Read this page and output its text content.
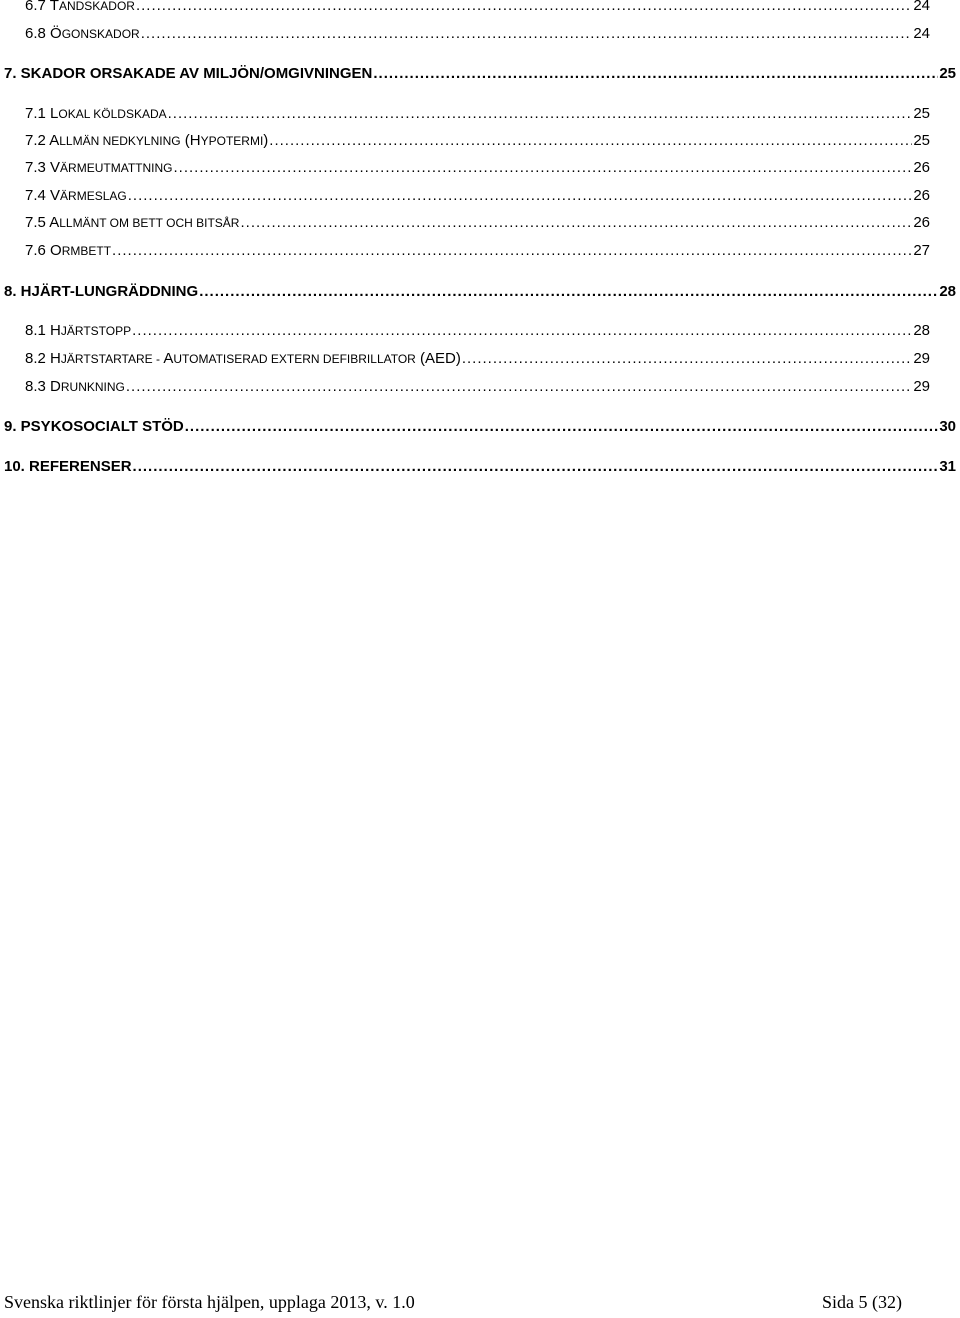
6.7 TANDSKADOR .....	24
6.8 ÖGONSKADOR .....	24
7. SKADOR ORSAKADE AV MILJÖN/OMGIVNINGEN .....	25
7.1 LOKAL KÖLDSKADA .....	25
7.2 ALLMÄN NEDKYLNING (HYPOTERMI) .....	25
7.3 VÄRMEUTMATTNING .....	26
7.4 VÄRMESLAG .....	26
7.5 ALLMÄNT OM BETT OCH BITSÅR .....	26
7.6 ORMBETT .....	27
8. HJÄRT-LUNGRÄDDNING .....	28
8.1 HJÄRTSTOPP .....	28
8.2 HJÄRTSTARTARE - AUTOMATISERAD EXTERN DEFIBRILLATOR (AED) .....	29
8.3 DRUNKNING .....	29
9. PSYKOSOCIALT STÖD .....	30
10. REFERENSER .....	31
Svenska riktlinjer för första hjälpen, upplaga 2013, v. 1.0	Sida 5 (32)
